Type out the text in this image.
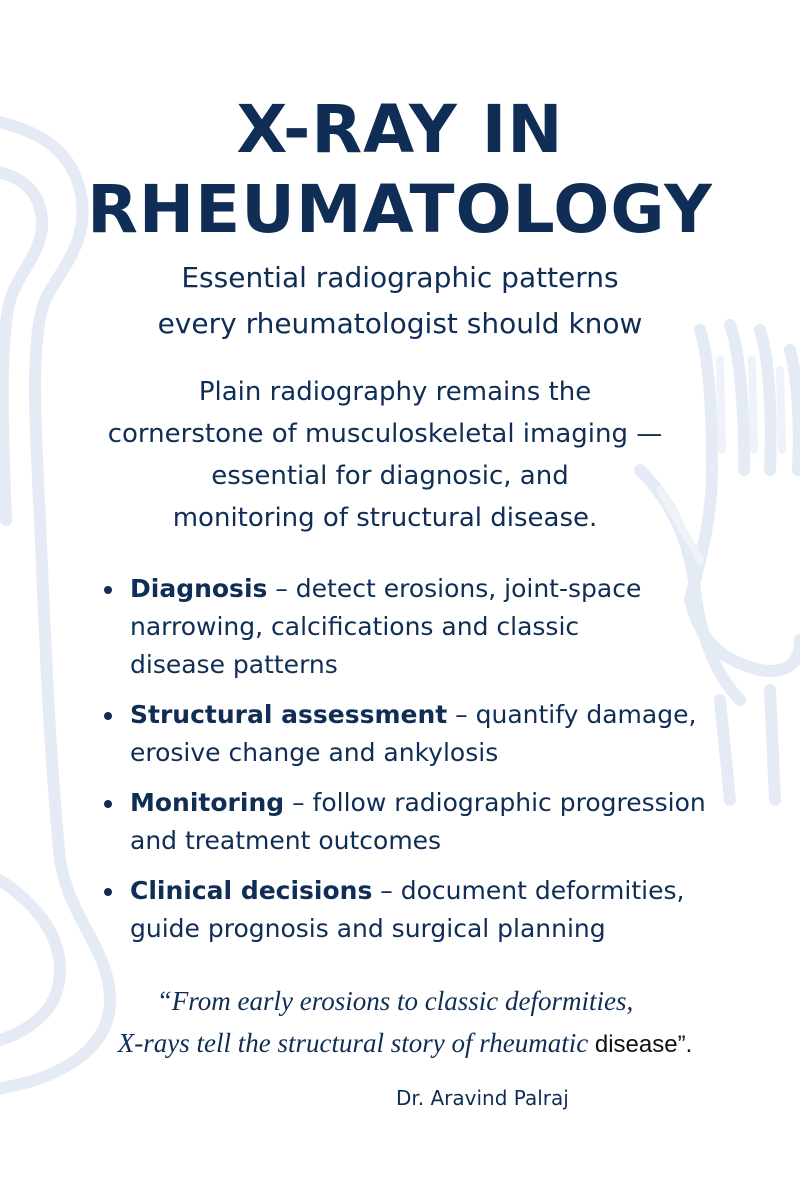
X-RAY IN
RHEUMATOLOGY
Essential radiographic patterns
every rheumatologist should know
Plain radiography remains the
cornerstone of musculoskeletal imaging —
essential for diagnosic, and
monitoring of structural disease.
Diagnosis – detect erosions, joint-space
narrowing, calcifications and classic
disease patterns
Structural assessment – quantify damage,
erosive change and ankylosis
Monitoring – follow radiographic progression
and treatment outcomes
Clinical decisions – document deformities,
guide prognosis and surgical planning
“From early erosions to classic deformities,
X-rays tell the structural story of rheumatic disease”.
Dr. Aravind Palraj
